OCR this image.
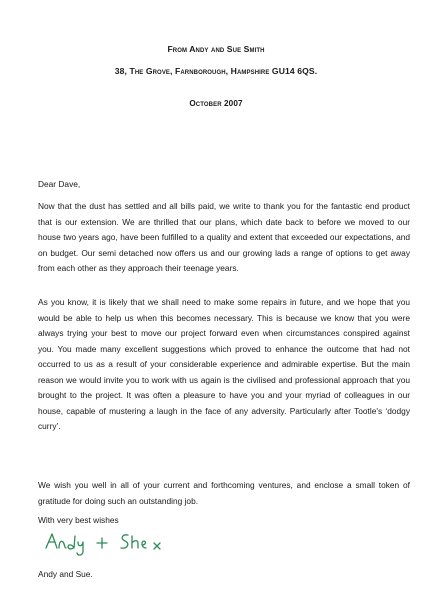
From Andy and Sue Smith
38, The Grove, Farnborough, Hampshire GU14 6QS.
October 2007
Dear Dave,
Now that the dust has settled and all bills paid, we write to thank you for the fantastic end product that is our extension. We are thrilled that our plans, which date back to before we moved to our house two years ago, have been fulfilled to a quality and extent that exceeded our expectations, and on budget. Our semi detached now offers us and our growing lads a range of options to get away from each other as they approach their teenage years.
As you know, it is likely that we shall need to make some repairs in future, and we hope that you would be able to help us when this becomes necessary. This is because we know that you were always trying your best to move our project forward even when circumstances conspired against you. You made many excellent suggestions which proved to enhance the outcome that had not occurred to us as a result of your considerable experience and admirable expertise. But the main reason we would invite you to work with us again is the civilised and professional approach that you brought to the project. It was often a pleasure to have you and your myriad of colleagues in our house, capable of mustering a laugh in the face of any adversity. Particularly after Tootle's ‘dodgy curry’.
We wish you well in all of your current and forthcoming ventures, and enclose a small token of gratitude for doing such an outstanding job.
With very best wishes
Andy and Sue.
